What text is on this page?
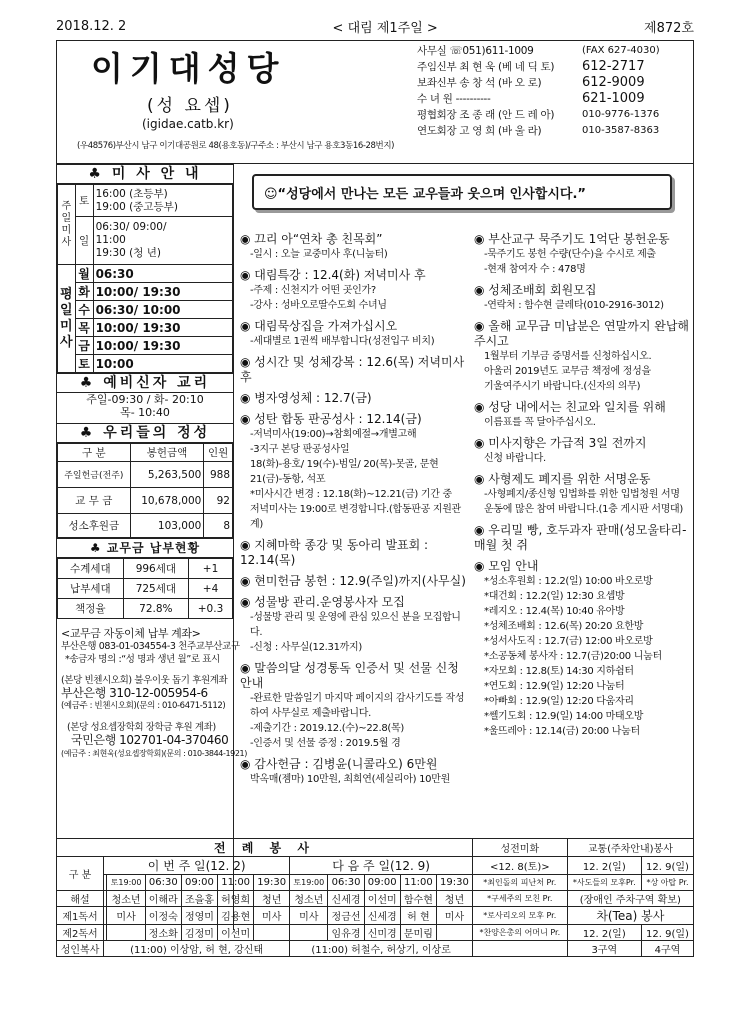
2018.12. 2	< 대림 제1주일 >	제872호
이기대성당
(성 요셉)
(igidae.catb.kr)
(우48576)부산시 남구 이기대공원로 48(용호동)/구주소 : 부산시 남구 용호3동16-28번지)
사무실 ☏051)611-1009	(FAX 627-4030)
주임신부 최 현 욱 (베 네 딕 토)	612-2717
보좌신부 송 창 석 (바 오 로)	612-9009
수 녀 원 ----------	621-1009
평협회장 조 종 래 (안 드 레 아)	010-9776-1376
연도회장 고 영 희 (바 울 라)	010-3587-8363
♣ 미 사 안 내
주일미사	토	16:00 (초등부)
19:00 (중고등부)

	일	06:30/ 09:00/
11:00
19:30 (청 년)

평일미사	월	06:30
	화	10:00/ 19:30
	수	06:30/ 10:00
	목	10:00/ 19:30
	금	10:00/ 19:30
	토	10:00
♣ 예비신자 교리
주일-09:30 / 화- 20:10
목- 10:40
♣ 우리들의 정성
구 분	봉헌금액	인원
주일헌금(전주)	5,263,500	988
교 무 금	10,678,000	92
성소후원금	103,000	8
♣ 교무금 납부현황
수계세대	996세대	+1
납부세대	725세대	+4
책정율	72.8%	+0.3
<교무금 자동이체 납부 계좌>
부산은행 083-01-034554-3 천주교부산교구
*송금자 명의 :“성 명과 생년 월”로 표시
(본당 빈첸시오회) 불우이웃 돕기 후원계좌
부산은행 310-12-005954-6
(예금주 : 빈첸시오회)(문의 : 010-6471-5112)
(본당 성요셉장학회 장학금 후원 계좌)
국민은행 102701-04-370460
(예금주 : 최현욱(성요셉장학회)(문의 : 010-3844-1921)
☺“성당에서 만나는 모든 교우들과 웃으며 인사합시다.”
◉ 끄리 아“연차 총 친목회”
-일시 : 오늘 교중미사 후(니눔터)
◉ 대림특강 : 12.4(화) 저녁미사 후
-주제 : 신천지가 어떤 곳인가?
-강사 : 성바오로딸수도회 수녀님
◉ 대림묵상집을 가져가십시오
-세대별로 1권씩 배부합니다(성전입구 비치)
◉ 성시간 및 성체강복 : 12.6(목) 저녁미사 후
◉ 병자영성체 : 12.7(금)
◉ 성탄 합동 판공성사 : 12.14(금)
-저녁미사(19:00)→참회예절→개별고해
-3지구 본당 판공성사일
18(화)-용호/ 19(수)-범일/ 20(목)-못골, 문현
21(금)-동항, 석포
*미사시간 변경 : 12.18(화)~12.21(금) 기간 중
저녁미사는 19:00로 변경합니다.(합동판공 지원관계)
◉ 지혜마학 종강 및 동아리 발표회 : 12.14(목)
◉ 현미헌금 봉헌 : 12.9(주일)까지(사무실)
◉ 성물방 관리.운영봉사자 모집
-성물방 관리 및 운영에 관심 있으신 분을 모집합니다.
-신청 : 사무실(12.31까지)
◉ 말씀의달 성경통독 인증서 및 선물 신청 안내
-완료한 말씀일기 마지막 페이지의 감사기도를 작성하여 사무실로 제출바랍니다.
-제출기간 : 2019.12.(수)~22.8(목)
-인증서 및 선물 증정 : 2019.5월 경
◉ 감사헌금 : 김병윤(니콜라오) 6만원
박옥매(젬마) 10만원, 최희연(세실리아) 10만원
◉ 부산교구 묵주기도 1억단 봉헌운동
-묵주기도 봉헌 수량(단수)을 수시로 제출
-현재 참여자 수 : 478명
◉ 성체조배회 회원모집
-연락처 : 함수현 클레타(010-2916-3012)
◉ 올해 교무금 미납분은 연말까지 완납해주시고
1월부터 기부금 증명서를 신청하십시오.
아울러 2019년도 교무금 책정에 정성을
기울여주시기 바랍니다.(신자의 의무)
◉ 성당 내에서는 친교와 일치를 위해
이름표를 꼭 달아주십시오.
◉ 미사지향은 가급적 3일 전까지
신청 바랍니다.
◉ 사형제도 폐지를 위한 서명운동
-사형폐지/종신형 입법화를 위한 입법청원 서명
운동에 많은 참여 바랍니다.(1층 게시판 서명대)
◉ 우리밀 빵, 호두과자 판매(성모울타리-매월 첫 쥐
◉ 모임 안내
*성소후원회 : 12.2(일) 10:00 바오로방
*대건회 : 12.2(일) 12:30 요셉방
*레지오 : 12.4(목) 10:40 유아방
*성체조배회 : 12.6(목) 20:20 요한방
*성서사도직 : 12.7(금) 12:00 바오로방
*소공동체 봉사자 : 12.7(금)20:00 니눔터
*자모회 : 12.8(토) 14:30 지하쉼터
*연도회 : 12.9(일) 12:20 나눔터
*아빠회 : 12.9(일) 12:20 다움자리
*쎌기도회 : 12.9(일) 14:00 마태오방
*울뜨레아 : 12.14(금) 20:00 나눔터
전 례 봉 사												성전미화	교통(주차안내)봉사	
구 분	이 번 주 일(12. 2)						다 음 주 일(12. 9)					<12. 8(토)>	12. 2(일)	12. 9(일)
		토19:00	06:30	09:00	11:00	19:30	토19:00	06:30	09:00	11:00	19:30	*최인돌의 피난처 Pr.	*사도들의 모후Pr.	*상 아탑 Pr.
해설		청소년	이해라	조을홍	허영희	청년	청소년	신세경	이선미	함수현	청년	*구세주의 모친 Pr.	(장애인 주차구역 확보)	
제1독서		미사	이정숙	정영미	김용현	미사	미사	정금선	신세경	허 현	미사	*로사리오의 모후 Pr.	차(Tea) 봉사	
제2독서			정소화	김정미	이선미			임유경	신미경	문미림		*찬양은총의 어머니 Pr.	12. 2(일)	12. 9(일)
성인복사	(11:00) 이상암, 허 현, 강신태						(11:00) 허철수, 허상기, 이상로						3구역	4구역
